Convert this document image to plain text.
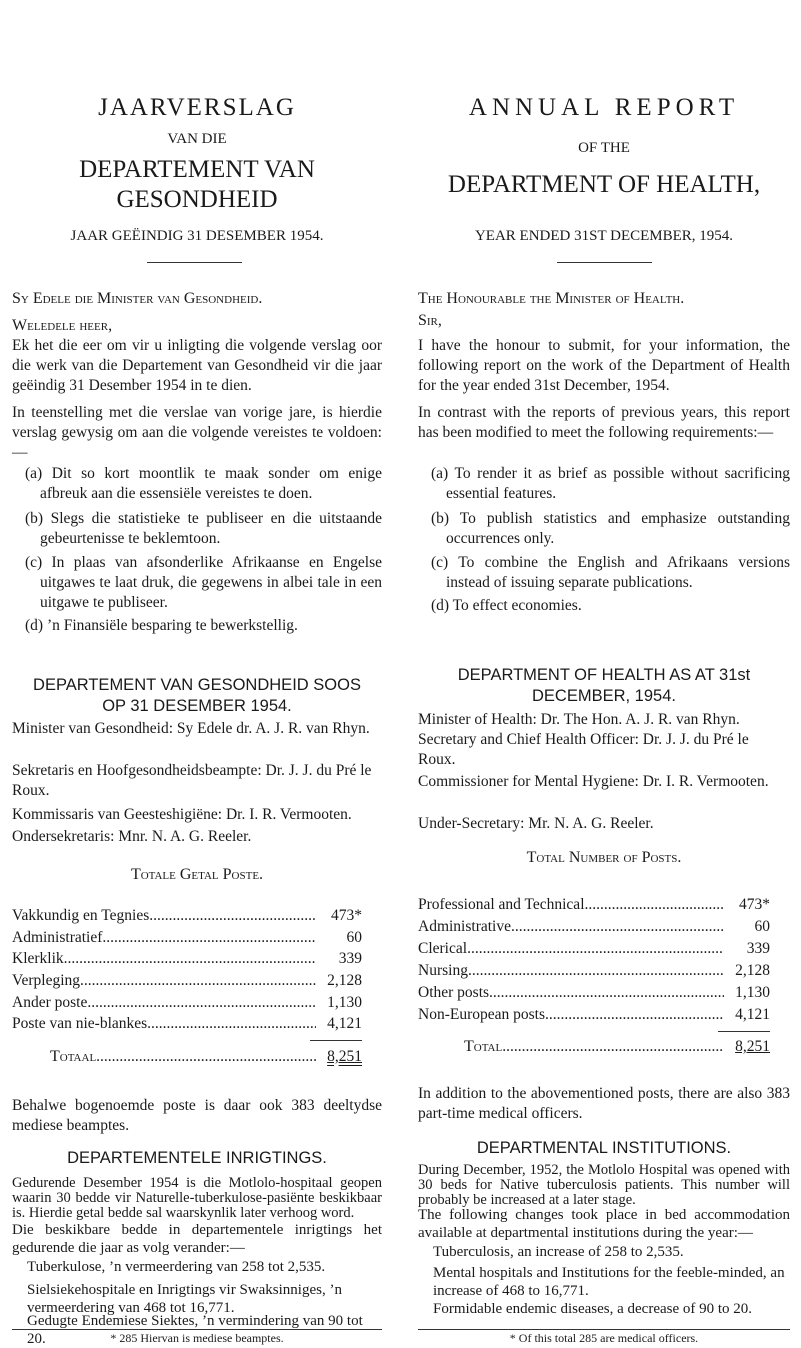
JAARVERSLAG
VAN DIE
DEPARTEMENT VAN
GESONDHEID
JAAR GEËINDIG 31 DESEMBER 1954.

Sy Edele die Minister van Gesondheid.

Weledele heer,

Ek het die eer om vir u inligting die volgende verslag oor die werk van die Departement van Gesondheid vir die jaar geëindig 31 Desember 1954 in te dien.

In teenstelling met die verslae van vorige jare, is hierdie verslag gewysig om aan die volgende vereistes te voldoen:—

(a) Dit so kort moontlik te maak sonder om enige afbreuk aan die essensiële vereistes te doen.

(b) Slegs die statistieke te publiseer en die uitstaande gebeurtenisse te beklemtoon.

(c) In plaas van afsonderlike Afrikaanse en Engelse uitgawes te laat druk, die gegewens in albei tale in een uitgawe te publiseer.

(d) ’n Finansiële besparing te bewerkstellig.

DEPARTEMENT VAN GESONDHEID SOOS OP 31 DESEMBER 1954.

Minister van Gesondheid: Sy Edele dr. A. J. R. van Rhyn.

Sekretaris en Hoofgesondheidsbeampte: Dr. J. J. du Pré le Roux.

Kommissaris van Geesteshigiëne: Dr. I. R. Vermooten.

Ondersekretaris: Mnr. N. A. G. Reeler.

Totale Getal Poste.

Vakkundig en Tegnies .....	473*
Administratief .....	60
Klerklik .....	339
Verpleging .....	2,128
Ander poste .....	1,130
Poste van nie-blankes .....	4,121
Totaal .....	8,251

Behalwe bogenoemde poste is daar ook 383 deeltydse mediese beamptes.

DEPARTEMENTELE INRIGTINGS.

Gedurende Desember 1954 is die Motlolo-hospitaal geopen waarin 30 bedde vir Naturelle-tuberkulose-pasiënte beskikbaar is. Hierdie getal bedde sal waarskynlik later verhoog word.

Die beskikbare bedde in departementele inrigtings het gedurende die jaar as volg verander:—

Tuberkulose, ’n vermeerdering van 258 tot 2,535.

ANNUAL REPORT
OF THE
DEPARTMENT OF HEALTH,
YEAR ENDED 31ST DECEMBER, 1954.

The Honourable the Minister of Health.

Sir,

I have the honour to submit, for your information, the following report on the work of the Department of Health for the year ended 31st December, 1954.

In contrast with the reports of previous years, this report has been modified to meet the following requirements:—

(a) To render it as brief as possible without sacrificing essential features.

(b) To publish statistics and emphasize outstanding occurrences only.

(c) To combine the English and Afrikaans versions instead of issuing separate publications.

(d) To effect economies.

DEPARTMENT OF HEALTH AS AT 31st DECEMBER, 1954.

Minister of Health: Dr. The Hon. A. J. R. van Rhyn.

Secretary and Chief Health Officer: Dr. J. J. du Pré le Roux.

Commissioner for Mental Hygiene: Dr. I. R. Vermooten.

Under-Secretary: Mr. N. A. G. Reeler.

Total Number of Posts.

Professional and Technical .....	473*
Administrative .....	60
Clerical .....	339
Nursing .....	2,128
Other posts .....	1,130
Non-European posts .....	4,121
Total .....	8,251

In addition to the abovementioned posts, there are also 383 part-time medical officers.

DEPARTMENTAL INSTITUTIONS.

During December, 1952, the Motlolo Hospital was opened with 30 beds for Native tuberculosis patients. This number will probably be increased at a later stage.

The following changes took place in bed accommodation available at departmental institutions during the year:—

Tuberculosis, an increase of 258 to 2,535.

Sielsiekehospitale en Inrigtings vir Swaksinniges, ’n vermeerdering van 468 tot 16,771.

Gedugte Endemiese Siektes, ’n vermindering van 90 tot 20.	* 285 Hiervan is mediese beamptes.

Mental hospitals and Institutions for the feeble-minded, an increase of 468 to 16,771.

Formidable endemic diseases, a decrease of 90 to 20.

* Of this total 285 are medical officers.
